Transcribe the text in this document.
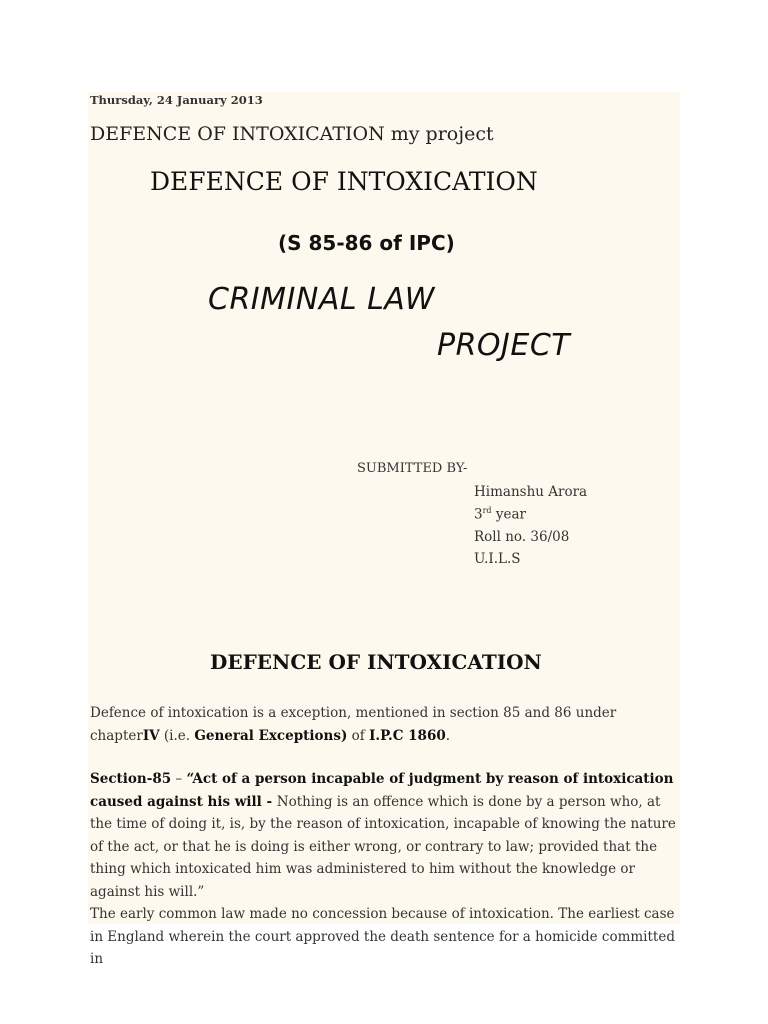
Thursday, 24 January 2013
DEFENCE OF INTOXICATION my project
DEFENCE OF INTOXICATION
(S 85-86 of IPC)
CRIMINAL LAW
PROJECT
SUBMITTED BY-
Himanshu Arora
3rd year
Roll no. 36/08
U.I.L.S
DEFENCE OF INTOXICATION
Defence of intoxication is a exception, mentioned in section 85 and 86 under chapterIV (i.e. General Exceptions) of I.P.C 1860.
Section-85 – “Act of a person incapable of judgment by reason of intoxication caused against his will - Nothing is an offence which is done by a person who, at the time of doing it, is, by the reason of intoxication, incapable of knowing the nature of the act, or that he is doing is either wrong, or contrary to law; provided that the thing which intoxicated him was administered to him without the knowledge or against his will.”
The early common law made no concession because of intoxication. The earliest case in England wherein the court approved the death sentence for a homicide committed in
